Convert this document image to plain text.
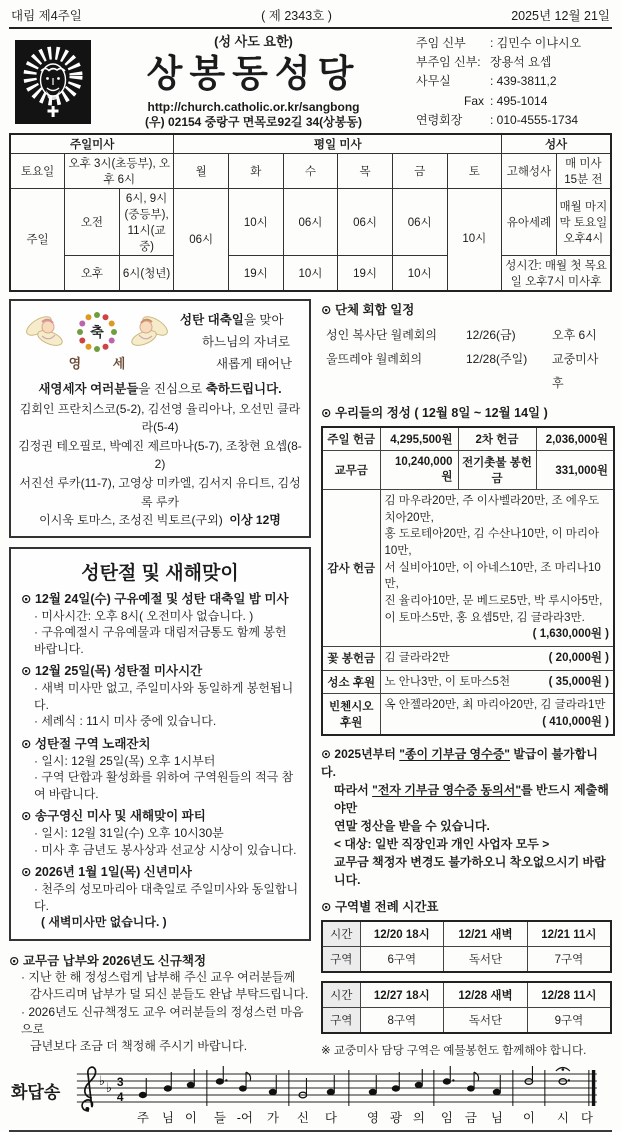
대림 제4주일	( 제 2343호 )	2025년 12월 21일
(성 사도 요한)
상봉동성당
http://church.catholic.or.kr/sangbong
(우) 02154 중랑구 면목로92길 34(상봉동)
주임 신부	: 김민수 이냐시오
부주임 신부: 장용석 요셉
사무실	: 439-3811,2
Fax : 495-1014
연령회장	: 010-4555-1734
주일미사			평일 미사						성사	
토요일	오후 3시(초등부), 오후 6시		월	화	수	목	금	토	고해성사	매 미사 15분 전
주일	오전	6시, 9시(중등부), 11시(교중)	06시	10시	06시	06시	06시	10시	유아세례	매월 마지막 토요일 오후4시
	오후	6시(청년)		19시	10시	19시	10시		성시간: 매월 첫 목요일 오후7시 미사후	
축
영 세
성탄 대축일을 맞아
하느님의 자녀로
새롭게 태어난
새영세자 여러분들을 진심으로 축하드립니다.
김회인 프란치스코(5-2), 김선영 율리아나, 오선민 클라라(5-4)
김정권 테오필로, 박예진 제르마나(5-7), 조창현 요셉(8-2)
서진선 루카(11-7), 고영상 미카엘, 김서지 유디트, 김성록 루카
이시욱 토마스, 조성진 빅토르(구외) 이상 12명
성탄절 및 새해맞이
⊙ 12월 24일(수) 구유예절 및 성탄 대축일 밤 미사
· 미사시간: 오후 8시( 오전미사 없습니다. )
· 구유예절시 구유예물과 대림저금통도 함께 봉헌 바랍니다.
⊙ 12월 25일(목) 성탄절 미사시간
· 새벽 미사만 없고, 주일미사와 동일하게 봉헌됩니다.
· 세례식 : 11시 미사 중에 있습니다.
⊙ 성탄절 구역 노래잔치
· 일시: 12월 25일(목) 오후 1시부터
· 구역 단합과 활성화를 위하여 구역원들의 적극 참여 바랍니다.
⊙ 송구영신 미사 및 새해맞이 파티
· 일시: 12월 31일(수) 오후 10시30분
· 미사 후 금년도 봉사상과 선교상 시상이 있습니다.
⊙ 2026년 1월 1일(목) 신년미사
· 천주의 성모마리아 대축일로 주일미사와 동일합니다.
( 새벽미사만 없습니다. )
⊙ 교무금 납부와 2026년도 신규책정
· 지난 한 해 정성스럽게 납부해 주신 교우 여러분들께
감사드리며 납부가 덜 되신 분들도 완납 부탁드립니다.
· 2026년도 신규책정도 교우 여러분들의 정성스런 마음으로
금년보다 조금 더 책정해 주시기 바랍니다.
⊙ 단체 회합 일정
성인 복사단 월례회의	12/26(금)	오후 6시
울뜨레야 월례회의	12/28(주일)	교중미사 후
⊙ 우리들의 정성 ( 12월 8일 ~ 12월 14일 )
주일 헌금	4,295,500원	2차 헌금	2,036,000원
교무금	10,240,000원	전기촛불 봉헌금	331,000원
감사 헌금	
김 마우라20만, 주 이사벨라20만, 조 에우도치아20만,
홍 도로테아20만, 김 수산나10만, 이 마리아10만,
서 실비아10만, 이 아네스10만, 조 마리나10만,
진 율리아10만, 문 베드로5만, 박 루시아5만,
이 토마스5만, 홍 요셉5만, 김 글라라3만.
( 1,630,000원 )

꽃 봉헌금	김 글라라2만 ( 20,000원 )		

성소 후원	노 안나3만, 이 토마스5천 ( 35,000원 )		

빈첸시오 후원	옥 안젤라20만, 최 마리아20만, 김 글라라1만
( 410,000원 )		
⊙ 2025년부터 "종이 기부금 영수증" 발급이 불가합니다.
따라서 "전자 기부금 영수증 동의서"를 반드시 제출해야만
연말 정산을 받을 수 있습니다.
< 대상: 일반 직장인과 개인 사업자 모두 >
교무금 책정자 변경도 불가하오니 착오없으시기 바랍니다.
⊙ 구역별 전례 시간표
시간	12/20 18시	12/21 새벽	12/21 11시
구역	6구역	독서단	7구역
시간	12/27 18시	12/28 새벽	12/28 11시
구역	8구역	독서단	9구역
※ 교중미사 담당 구역은 예물봉헌도 함께해야 합니다.
화답송
♭ ♭ 3
4
주 님 이 들 -어 가 신 다 영 광 의 임 금 님 이 시 다
